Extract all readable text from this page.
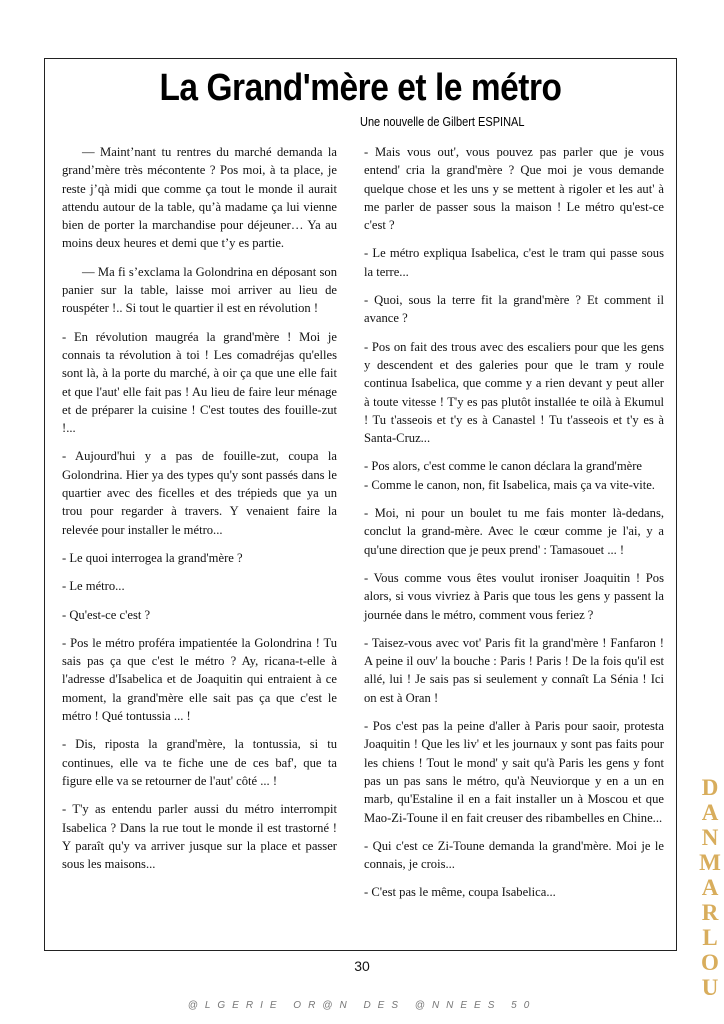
La Grand'mère et le métro
Une nouvelle de Gilbert ESPINAL

— Maint’nant tu rentres du marché demanda la grand’mère très mécontente ? Pos moi, à ta place, je reste j’qà midi que comme ça tout le monde il aurait attendu autour de la table, qu’à madame ça lui vienne bien de porter la marchandise pour déjeuner… Ya au moins deux heures et demi que t’y es partie.

— Ma fi s’exclama la Golondrina en déposant son panier sur la table, laisse moi arriver au lieu de rouspéter !.. Si tout le quartier il est en révolution !

- En révolution maugréa la grand'mère ! Moi je connais ta révolution à toi ! Les comadréjas qu'elles sont là, à la porte du marché, à oir ça que une elle fait et que l'aut' elle fait pas ! Au lieu de faire leur ménage et de préparer la cuisine ! C'est toutes des fouille-zut !...

- Aujourd'hui y a pas de fouille-zut, coupa la Golondrina. Hier ya des types qu'y sont passés dans le quartier avec des ficelles et des trépieds que ya un trou pour regarder à travers. Y venaient faire la relevée pour installer le métro...

- Le quoi interrogea la grand'mère ?

- Le métro...

- Qu'est-ce c'est ?

- Pos le métro proféra impatientée la Golondrina ! Tu sais pas ça que c'est le métro ? Ay, ricana-t-elle à l'adresse d'Isabelica et de Joaquitin qui entraient à ce moment, la grand'mère elle sait pas ça que c'est le métro ! Qué tontussia ... !

- Dis, riposta la grand'mère, la tontussia, si tu continues, elle va te fiche une de ces baf', que ta figure elle va se retourner de l'aut' côté ... !

- T'y as entendu parler aussi du métro interrompit Isabelica ? Dans la rue tout le monde il est trastorné ! Y paraît qu'y va arriver jusque sur la place et passer sous les maisons...

- Mais vous out', vous pouvez pas parler que je vous entend' cria la grand'mère ? Que moi je vous demande quelque chose et les uns y se mettent à rigoler et les aut' à me parler de passer sous la maison ! Le métro qu'est-ce c'est ?

- Le métro expliqua Isabelica, c'est le tram qui passe sous la terre...

- Quoi, sous la terre fit la grand'mère ? Et comment il avance ?

- Pos on fait des trous avec des escaliers pour que les gens y descendent et des galeries pour que le tram y roule continua Isabelica, que comme y a rien devant y peut aller à toute vitesse ! T'y es pas plutôt installée te oilà à Ekumul ! Tu t'asseois et t'y es à Canastel ! Tu t'asseois et t'y es à Santa-Cruz...

- Pos alors, c'est comme le canon déclara la grand'mère
- Comme le canon, non, fit Isabelica, mais ça va vite-vite.

- Moi, ni pour un boulet tu me fais monter là-dedans, conclut la grand-mère. Avec le cœur comme je l'ai, y a qu'une direction que je peux prend' : Tamasouet ... !

- Vous comme vous êtes voulut ironiser Joaquitin ! Pos alors, si vous vivriez à Paris que tous les gens y passent la journée dans le métro, comment vous feriez ?

- Taisez-vous avec vot' Paris fit la grand'mère ! Fanfaron ! A peine il ouv' la bouche : Paris ! Paris ! De la fois qu'il est allé, lui ! Je sais pas si seulement y connaît La Sénia ! Ici on est à Oran !

- Pos c'est pas la peine d'aller à Paris pour saoir, protesta Joaquitin ! Que les liv' et les journaux y sont pas faits pour les chiens ! Tout le mond' y sait qu'à Paris les gens y font pas un pas sans le métro, qu'à Neuviorque y en a un en marb, qu'Estaline il en a fait installer un à Moscou et que Mao-Zi-Toune il en fait creuser des ribambelles en Chine...

- Qui c'est ce Zi-Toune demanda la grand'mère. Moi je le connais, je crois...

- C'est pas le même, coupa Isabelica...

30
@LGERIE OR@N DES @NNEES 50
D
A
N
M
A
R
L
O
U
